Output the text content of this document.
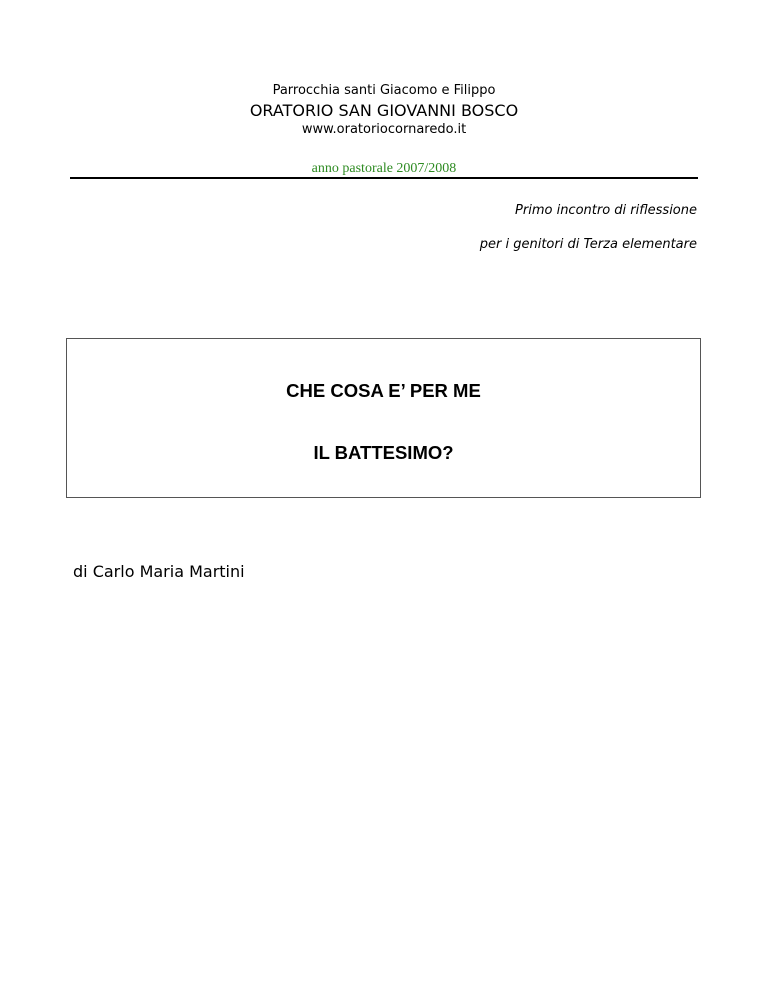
Parrocchia santi Giacomo e Filippo
ORATORIO SAN GIOVANNI BOSCO
www.oratoriocornaredo.it
anno pastorale 2007/2008
Primo incontro di riflessione
per i genitori di Terza elementare
CHE COSA E’ PER ME
IL BATTESIMO?
di Carlo Maria Martini
